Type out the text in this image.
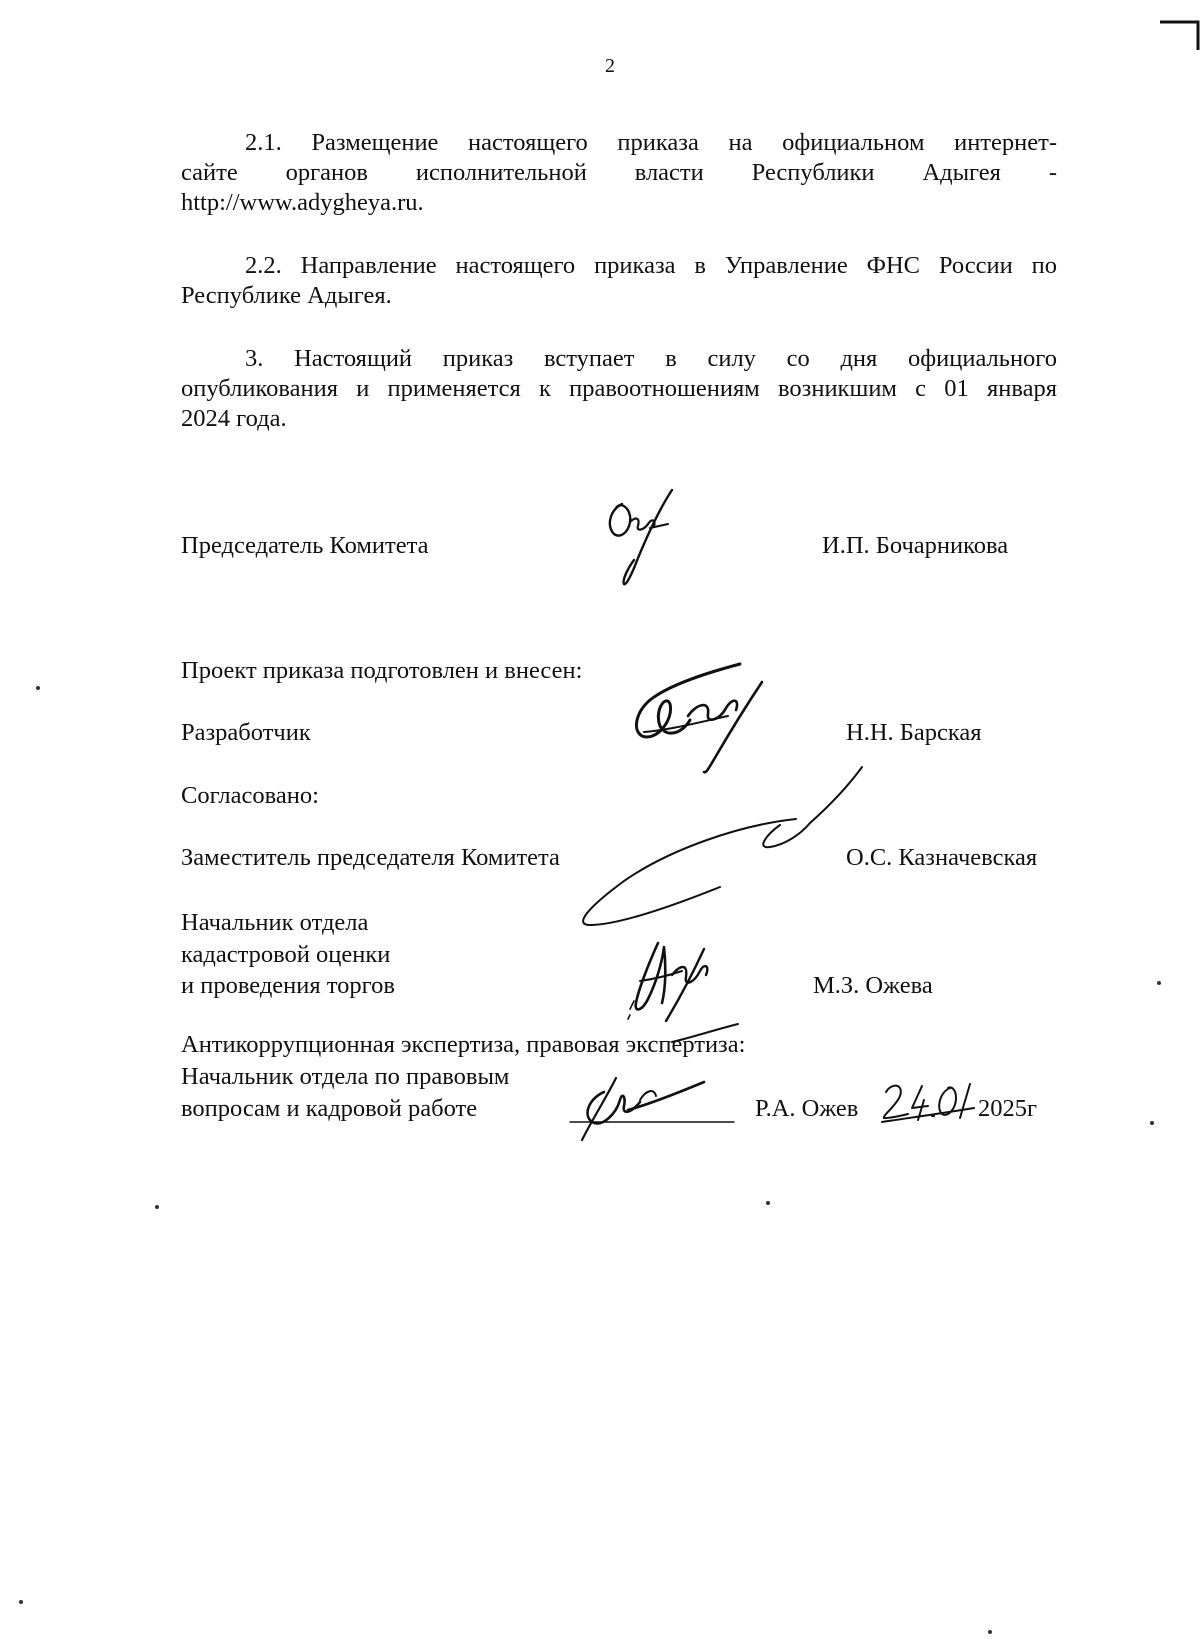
2

2.1. Размещение настоящего приказа на официальном интернет-

сайте органов исполнительной власти Республики Адыгея -

http://www.adygheya.ru.

2.2. Направление настоящего приказа в Управление ФНС России по

Республике Адыгея.

3. Настоящий приказ вступает в силу со дня официального

опубликования и применяется к правоотношениям возникшим с 01 января

2024 года.

Председатель Комитета	И.П. Бочарникова
Проект приказа подготовлен и внесен:
Разработчик	Н.Н. Барская
Согласовано:
Заместитель председателя Комитета	О.С. Казначевская
Начальник отдела
кадастровой оценки
и проведения торгов	М.З. Ожева
Антикоррупционная экспертиза, правовая экспертиза:
Начальник отдела по правовым
вопросам и кадровой работе	Р.А. Ожев	2025г
